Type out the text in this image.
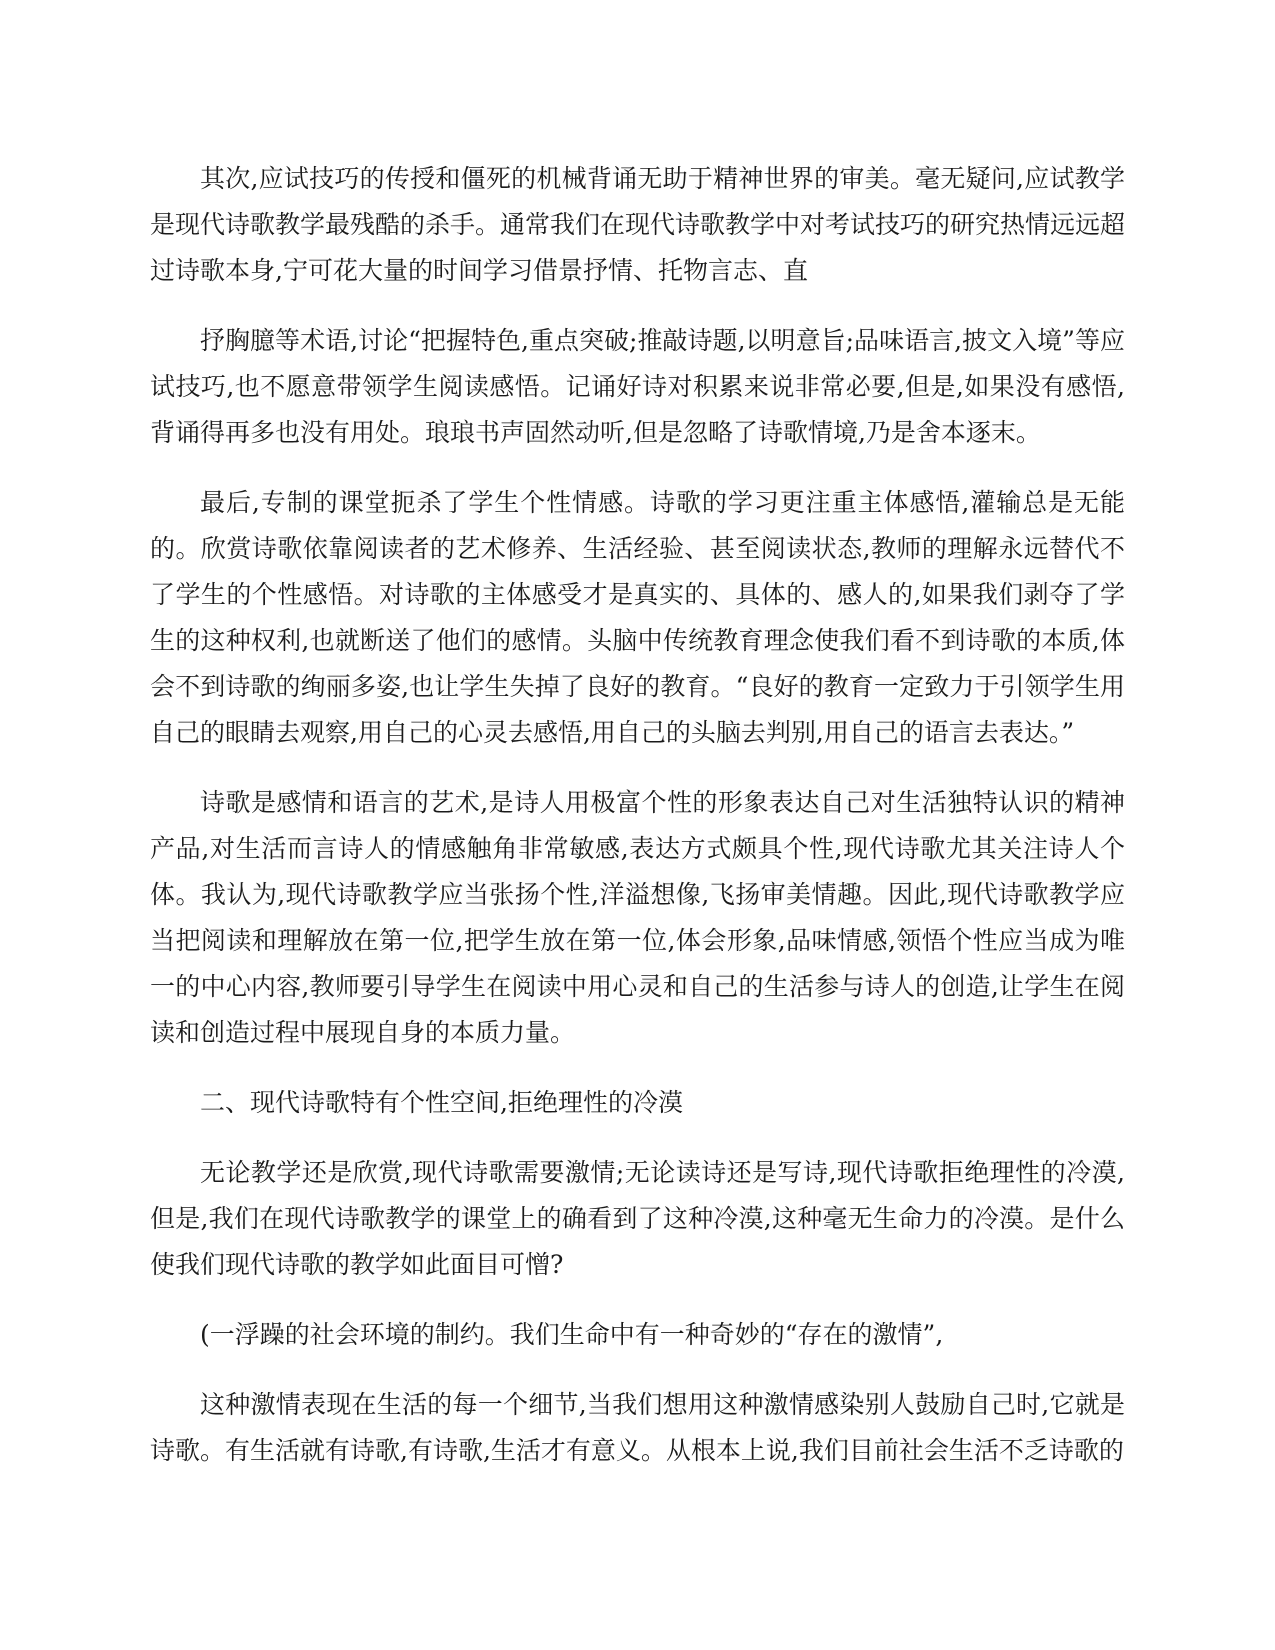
其次,应试技巧的传授和僵死的机械背诵无助于精神世界的审美。毫无疑问,应试教学是现代诗歌教学最残酷的杀手。通常我们在现代诗歌教学中对考试技巧的研究热情远远超过诗歌本身,宁可花大量的时间学习借景抒情、托物言志、直

抒胸臆等术语,讨论“把握特色,重点突破;推敲诗题,以明意旨;品味语言,披文入境”等应试技巧,也不愿意带领学生阅读感悟。记诵好诗对积累来说非常必要,但是,如果没有感悟,背诵得再多也没有用处。琅琅书声固然动听,但是忽略了诗歌情境,乃是舍本逐末。

最后,专制的课堂扼杀了学生个性情感。诗歌的学习更注重主体感悟,灌输总是无能的。欣赏诗歌依靠阅读者的艺术修养、生活经验、甚至阅读状态,教师的理解永远替代不了学生的个性感悟。对诗歌的主体感受才是真实的、具体的、感人的,如果我们剥夺了学生的这种权利,也就断送了他们的感情。头脑中传统教育理念使我们看不到诗歌的本质,体会不到诗歌的绚丽多姿,也让学生失掉了良好的教育。“良好的教育一定致力于引领学生用自己的眼睛去观察,用自己的心灵去感悟,用自己的头脑去判别,用自己的语言去表达。”

诗歌是感情和语言的艺术,是诗人用极富个性的形象表达自己对生活独特认识的精神产品,对生活而言诗人的情感触角非常敏感,表达方式颇具个性,现代诗歌尤其关注诗人个体。我认为,现代诗歌教学应当张扬个性,洋溢想像,飞扬审美情趣。因此,现代诗歌教学应当把阅读和理解放在第一位,把学生放在第一位,体会形象,品味情感,领悟个性应当成为唯一的中心内容,教师要引导学生在阅读中用心灵和自己的生活参与诗人的创造,让学生在阅读和创造过程中展现自身的本质力量。

二、现代诗歌特有个性空间,拒绝理性的冷漠

无论教学还是欣赏,现代诗歌需要激情;无论读诗还是写诗,现代诗歌拒绝理性的冷漠,但是,我们在现代诗歌教学的课堂上的确看到了这种冷漠,这种毫无生命力的冷漠。是什么使我们现代诗歌的教学如此面目可憎?

(一浮躁的社会环境的制约。我们生命中有一种奇妙的“存在的激情”,

这种激情表现在生活的每一个细节,当我们想用这种激情感染别人鼓励自己时,它就是诗歌。有生活就有诗歌,有诗歌,生活才有意义。从根本上说,我们目前社会生活不乏诗歌的
